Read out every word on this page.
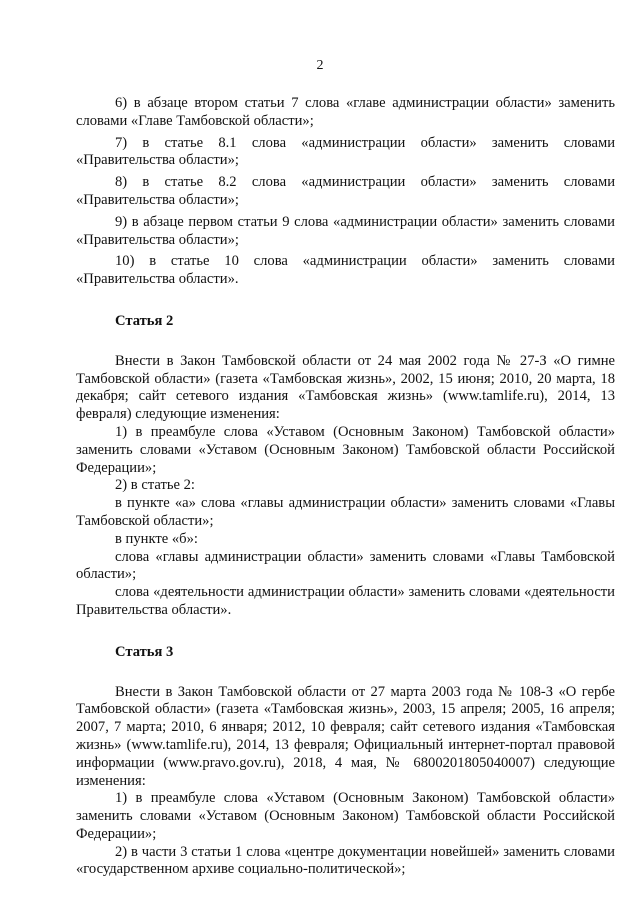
2

6) в абзаце втором статьи 7 слова «главе администрации области» заменить словами «Главе Тамбовской области»;

7) в статье 8.1 слова «администрации области» заменить словами «Правительства области»;

8) в статье 8.2 слова «администрации области» заменить словами «Правительства области»;

9) в абзаце первом статьи 9 слова «администрации области» заменить словами «Правительства области»;

10) в статье 10 слова «администрации области» заменить словами «Правительства области».

Статья 2

Внести в Закон Тамбовской области от 24 мая 2002 года № 27-З «О гимне Тамбовской области» (газета «Тамбовская жизнь», 2002, 15 июня; 2010, 20 марта, 18 декабря; сайт сетевого издания «Тамбовская жизнь» (www.tamlife.ru), 2014, 13 февраля) следующие изменения:

1) в преамбуле слова «Уставом (Основным Законом) Тамбовской области» заменить словами «Уставом (Основным Законом) Тамбовской области Российской Федерации»;

2) в статье 2:

в пункте «а» слова «главы администрации области» заменить словами «Главы Тамбовской области»;

в пункте «б»:

слова «главы администрации области» заменить словами «Главы Тамбовской области»;

слова «деятельности администрации области» заменить словами «деятельности Правительства области».

Статья 3

Внести в Закон Тамбовской области от 27 марта 2003 года № 108-З «О гербе Тамбовской области» (газета «Тамбовская жизнь», 2003, 15 апреля; 2005, 16 апреля; 2007, 7 марта; 2010, 6 января; 2012, 10 февраля; сайт сетевого издания «Тамбовская жизнь» (www.tamlife.ru), 2014, 13 февраля; Официальный интернет-портал правовой информации (www.pravo.gov.ru), 2018, 4 мая, № 6800201805040007) следующие изменения:

1) в преамбуле слова «Уставом (Основным Законом) Тамбовской области» заменить словами «Уставом (Основным Законом) Тамбовской области Российской Федерации»;

2) в части 3 статьи 1 слова «центре документации новейшей» заменить словами «государственном архиве социально-политической»;
